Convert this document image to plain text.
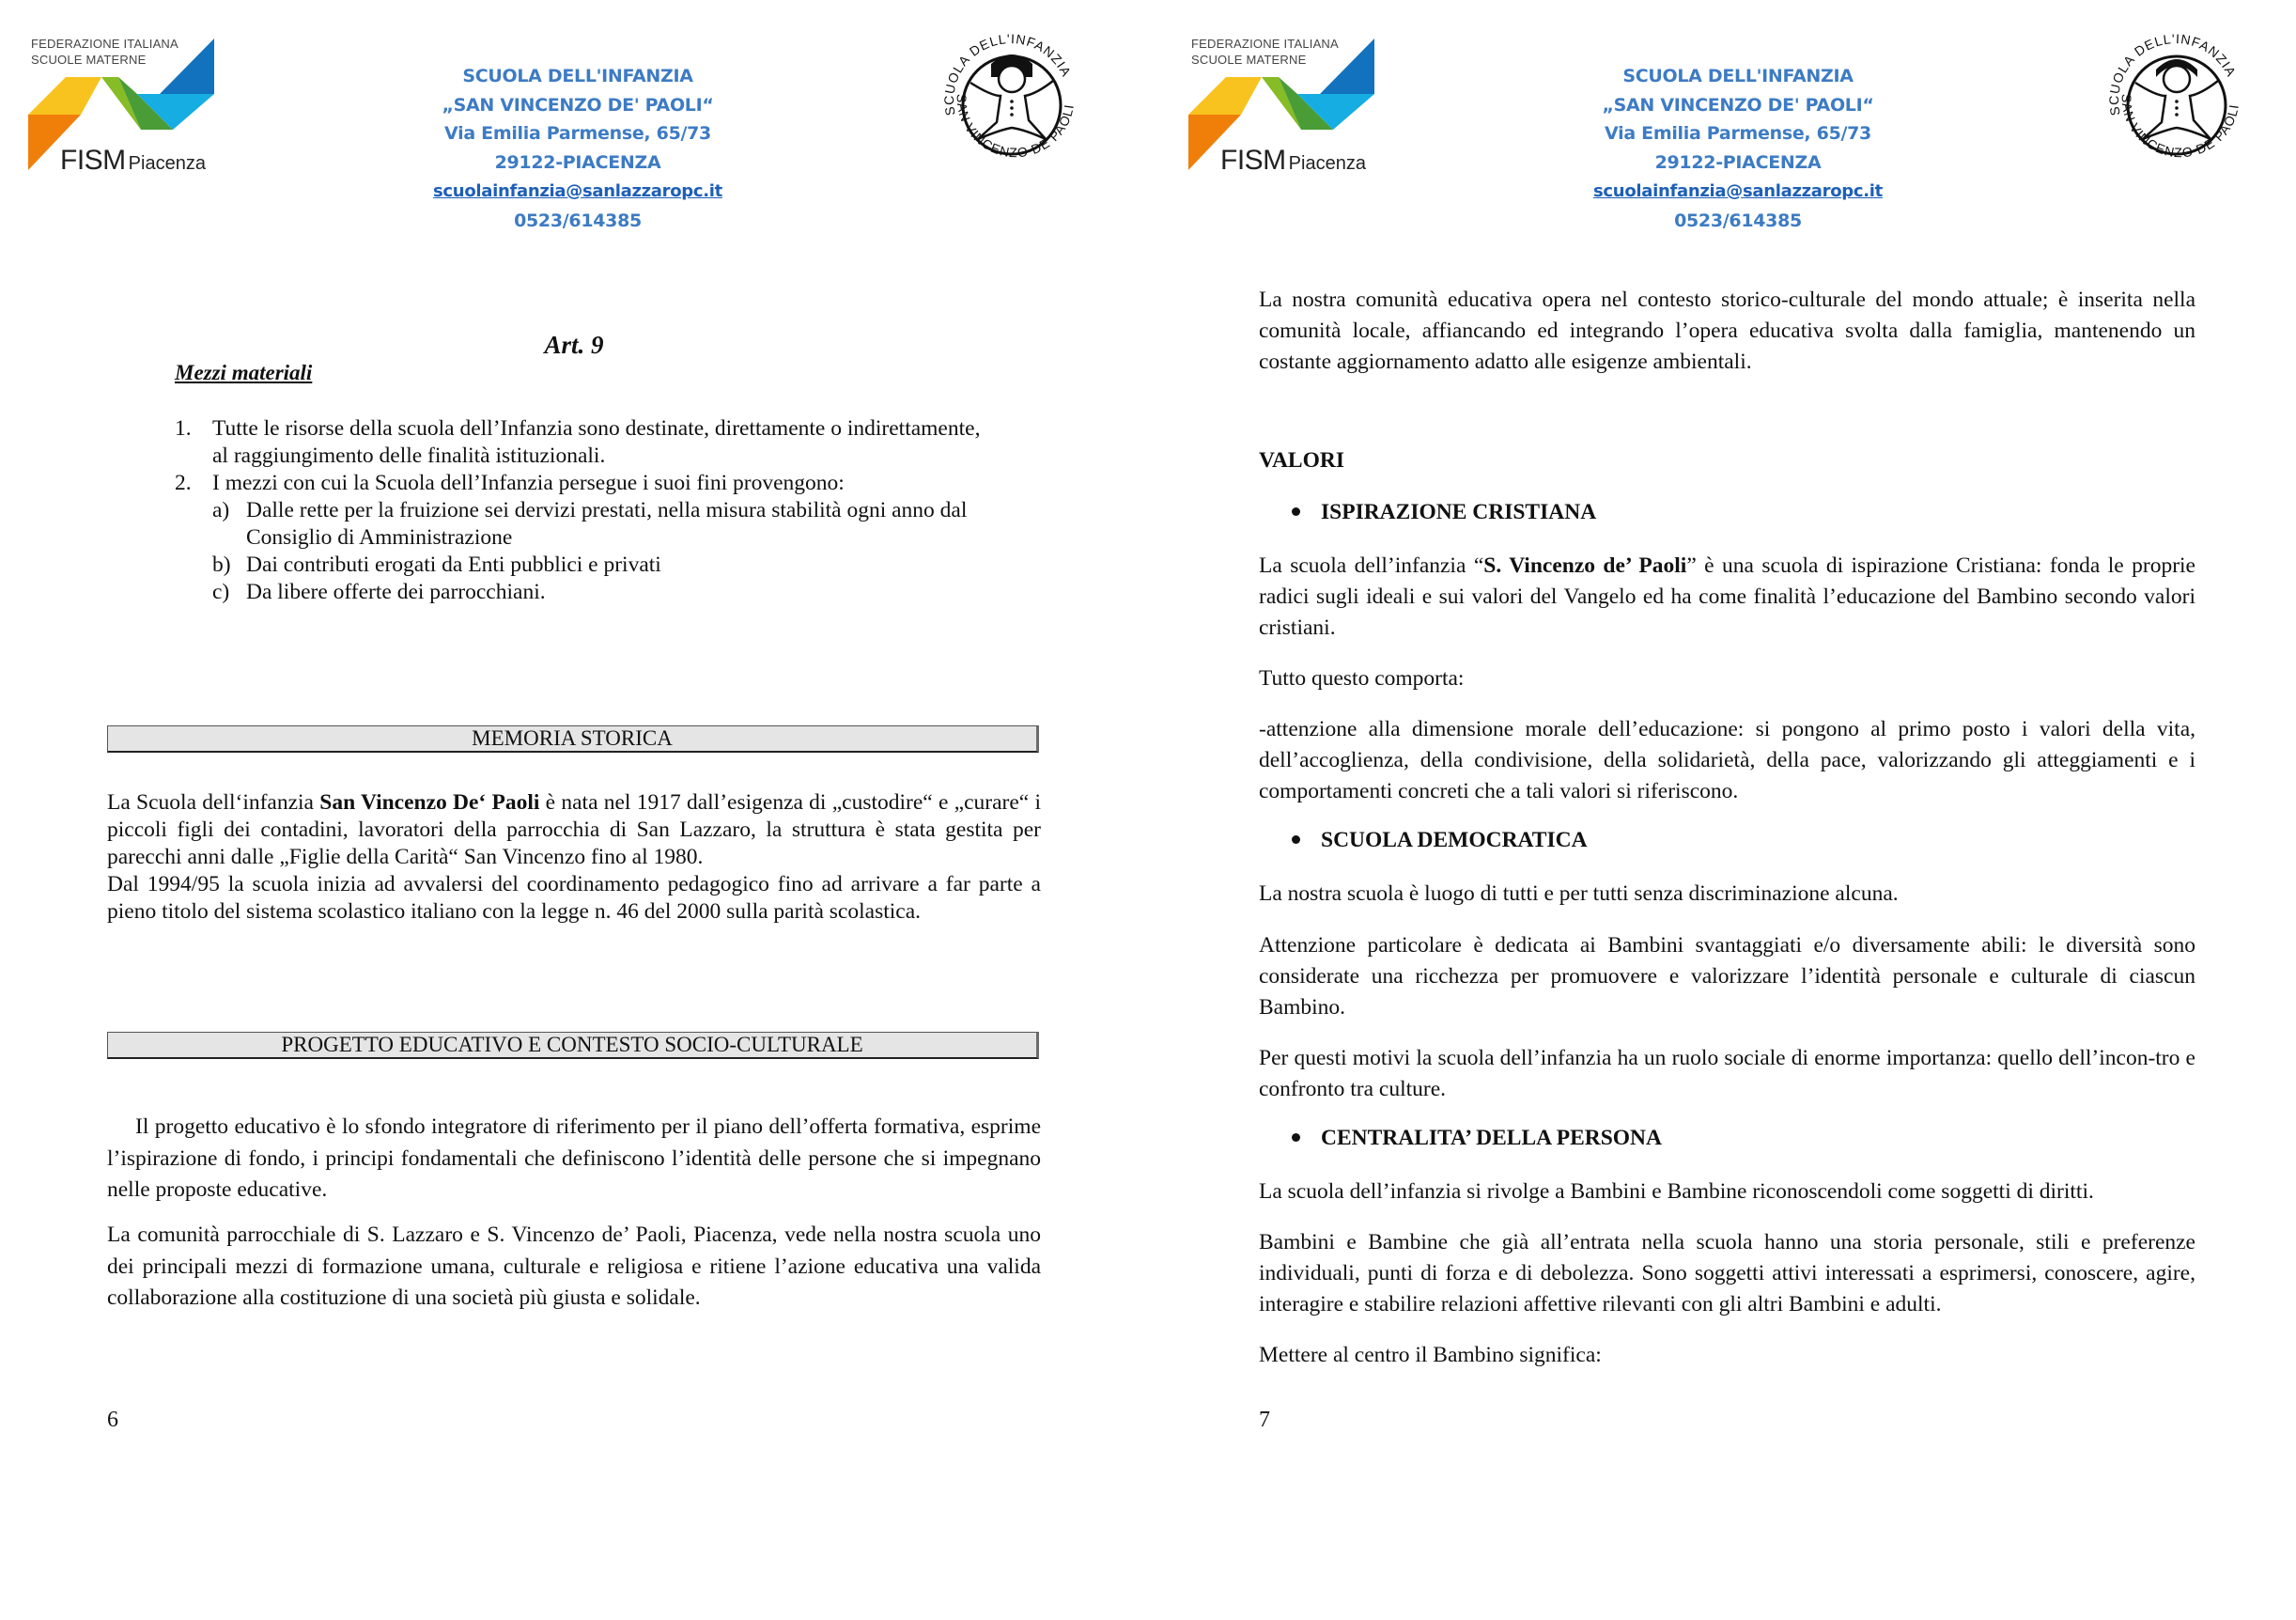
FEDERAZIONE ITALIANA
SCUOLE MATERNE
FISM Piacenza
SCUOLA DELL'INFANZIA
„SAN VINCENZO DE' PAOLI“
Via Emilia Parmense, 65/73
29122-PIACENZA
scuolainfanzia@sanlazzaropc.it
0523/614385
SCUOLA DELL'INFANZIA
SAN VINCENZO DE PAOLI
Art. 9
Mezzi materiali
1. Tutte le risorse della scuola dell’Infanzia sono destinate, direttamente o indirettamente,
al raggiungimento delle finalità istituzionali.
2. I mezzi con cui la Scuola dell’Infanzia persegue i suoi fini provengono:
a) Dalle rette per la fruizione sei dervizi prestati, nella misura stabilità ogni anno dal
Consiglio di Amministrazione
b) Dai contributi erogati da Enti pubblici e privati
c) Da libere offerte dei parrocchiani.
MEMORIA STORICA
La Scuola dell‘infanzia San Vincenzo De‘ Paoli è nata nel 1917 dall’esigenza di „custodire“ e „curare“ i piccoli figli dei contadini, lavoratori della parrocchia di San Lazzaro, la struttura è stata gestita per parecchi anni dalle „Figlie della Carità“ San Vincenzo fino al 1980.
Dal 1994/95 la scuola inizia ad avvalersi del coordinamento pedagogico fino ad arrivare a far parte a pieno titolo del sistema scolastico italiano con la legge n. 46 del 2000 sulla parità scolastica.
PROGETTO EDUCATIVO E CONTESTO SOCIO-CULTURALE
Il progetto educativo è lo sfondo integratore di riferimento per il piano dell’offerta formativa, esprime l’ispirazione di fondo, i principi fondamentali che definiscono l’identità delle persone che si impegnano nelle proposte educative.
La comunità parrocchiale di S. Lazzaro e S. Vincenzo de’ Paoli, Piacenza, vede nella nostra scuola uno dei principali mezzi di formazione umana, culturale e religiosa e ritiene l’azione educativa una valida collaborazione alla costituzione di una società più giusta e solidale.
6
FEDERAZIONE ITALIANA
SCUOLE MATERNE
FISM Piacenza
SCUOLA DELL'INFANZIA
„SAN VINCENZO DE' PAOLI“
Via Emilia Parmense, 65/73
29122-PIACENZA
scuolainfanzia@sanlazzaropc.it
0523/614385
SCUOLA DELL'INFANZIA
SAN VINCENZO DE PAOLI
La nostra comunità educativa opera nel contesto storico-culturale del mondo attuale; è inserita nella comunità locale, affiancando ed integrando l’opera educativa svolta dalla famiglia, mantenendo un costante aggiornamento adatto alle esigenze ambientali.
VALORI
ISPIRAZIONE CRISTIANA
La scuola dell’infanzia “S. Vincenzo de’ Paoli” è una scuola di ispirazione Cristiana: fonda le proprie radici sugli ideali e sui valori del Vangelo ed ha come finalità l’educazione del Bambino secondo valori cristiani.
Tutto questo comporta:
-attenzione alla dimensione morale dell’educazione: si pongono al primo posto i valori della vita, dell’accoglienza, della condivisione, della solidarietà, della pace, valorizzando gli atteggiamenti e i comportamenti concreti che a tali valori si riferiscono.
SCUOLA DEMOCRATICA
La nostra scuola è luogo di tutti e per tutti senza discriminazione alcuna.
Attenzione particolare è dedicata ai Bambini svantaggiati e/o diversamente abili: le diversità sono considerate una ricchezza per promuovere e valorizzare l’identità personale e culturale di ciascun Bambino.
Per questi motivi la scuola dell’infanzia ha un ruolo sociale di enorme importanza: quello dell’incon-tro e confronto tra culture.
CENTRALITA’ DELLA PERSONA
La scuola dell’infanzia si rivolge a Bambini e Bambine riconoscendoli come soggetti di diritti.
Bambini e Bambine che già all’entrata nella scuola hanno una storia personale, stili e preferenze individuali, punti di forza e di debolezza. Sono soggetti attivi interessati a esprimersi, conoscere, agire, interagire e stabilire relazioni affettive rilevanti con gli altri Bambini e adulti.
Mettere al centro il Bambino significa:
7
